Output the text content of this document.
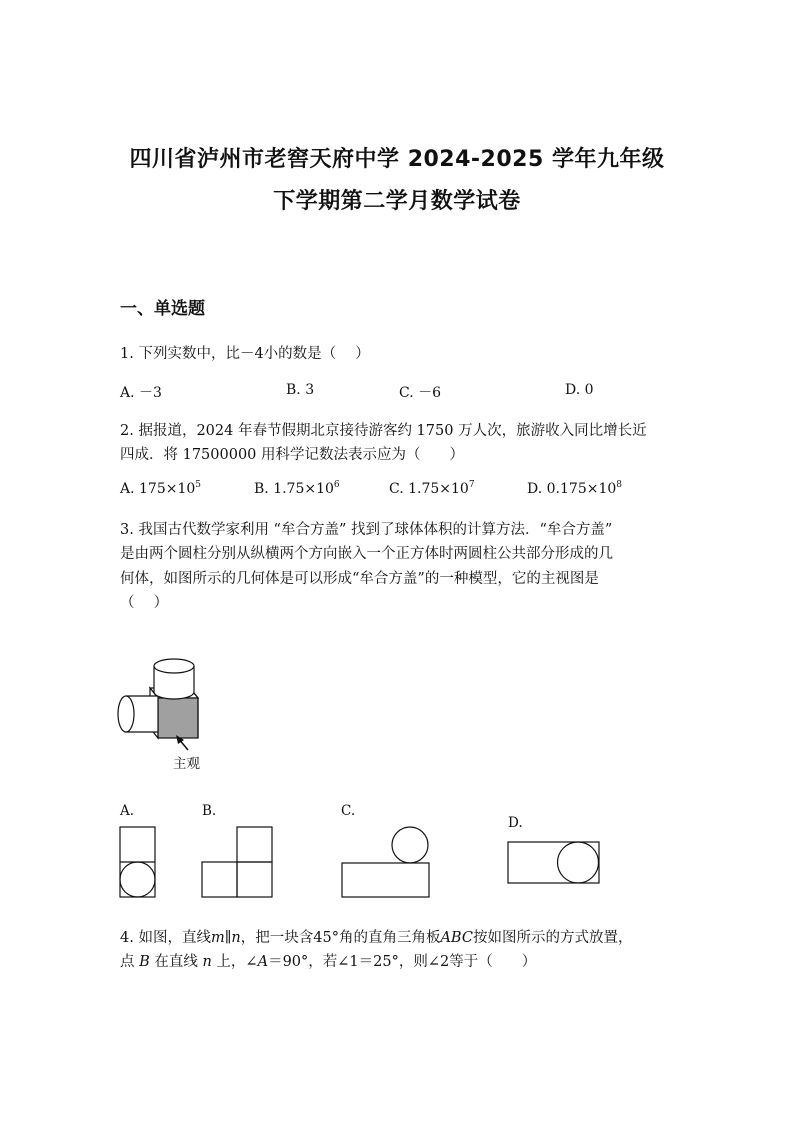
四川省泸州市老窖天府中学 2024-2025 学年九年级
下学期第二学月数学试卷
一、单选题
1. 下列实数中，比－4小的数是（　 ）
A. －3	B. 3	C. －6	D. 0
2. 据报道，2024 年春节假期北京接待游客约 1750 万人次，旅游收入同比增长近
四成．将 17500000 用科学记数法表示应为（　　）
A. $175\times 10^5$	B. $1.75\times 10^6$	C. $1.75\times 10^7$	D. $0.175\times 10^8$
3. 我国古代数学家利用 “牟合方盖” 找到了球体体积的计算方法．“牟合方盖”
是由两个圆柱分别从纵横两个方向嵌入一个正方体时两圆柱公共部分形成的几
何体，如图所示的几何体是可以形成“牟合方盖”的一种模型，它的主视图是
（　 ）
主观
A.	B.	C.
D.
4. 如图，直线m∥n，把一块含45°角的直角三角板ABC按如图所示的方式放置，
点 B 在直线 n 上，∠A＝90°，若∠1＝25°，则∠2等于（　　）
